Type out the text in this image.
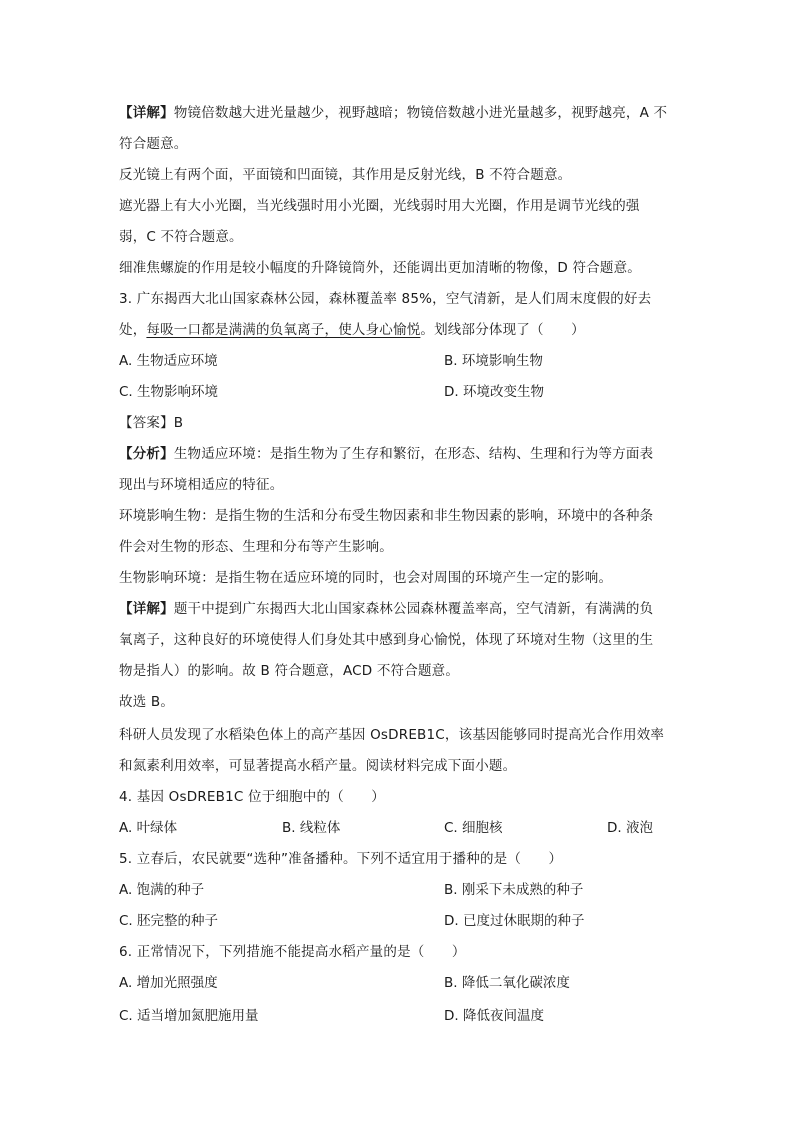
【详解】物镜倍数越大进光量越少，视野越暗；物镜倍数越小进光量越多，视野越亮，A 不
符合题意。
反光镜上有两个面，平面镜和凹面镜，其作用是反射光线，B 不符合题意。
遮光器上有大小光圈，当光线强时用小光圈，光线弱时用大光圈，作用是调节光线的强
弱，C 不符合题意。
细准焦螺旋的作用是较小幅度的升降镜筒外，还能调出更加清晰的物像，D 符合题意。
3. 广东揭西大北山国家森林公园，森林覆盖率 85%，空气清新，是人们周末度假的好去
处，每吸一口都是满满的负氧离子，使人身心愉悦。划线部分体现了（　　）
A. 生物适应环境	B. 环境影响生物
C. 生物影响环境	D. 环境改变生物
【答案】B
【分析】生物适应环境：是指生物为了生存和繁衍，在形态、结构、生理和行为等方面表
现出与环境相适应的特征。
环境影响生物：是指生物的生活和分布受生物因素和非生物因素的影响，环境中的各种条
件会对生物的形态、生理和分布等产生影响。
生物影响环境：是指生物在适应环境的同时，也会对周围的环境产生一定的影响。
【详解】题干中提到广东揭西大北山国家森林公园森林覆盖率高，空气清新，有满满的负
氧离子，这种良好的环境使得人们身处其中感到身心愉悦，体现了环境对生物（这里的生
物是指人）的影响。故 B 符合题意，ACD 不符合题意。
故选 B。
科研人员发现了水稻染色体上的高产基因 OsDREB1C，该基因能够同时提高光合作用效率
和氮素利用效率，可显著提高水稻产量。阅读材料完成下面小题。
4. 基因 OsDREB1C 位于细胞中的（　　）
A. 叶绿体	B. 线粒体	C. 细胞核	D. 液泡
5. 立春后，农民就要“选种”准备播种。下列不适宜用于播种的是（　　）
A. 饱满的种子	B. 刚采下未成熟的种子
C. 胚完整的种子	D. 已度过休眠期的种子
6. 正常情况下，下列措施不能提高水稻产量的是（　　）
A. 增加光照强度	B. 降低二氧化碳浓度
C. 适当增加氮肥施用量	D. 降低夜间温度
